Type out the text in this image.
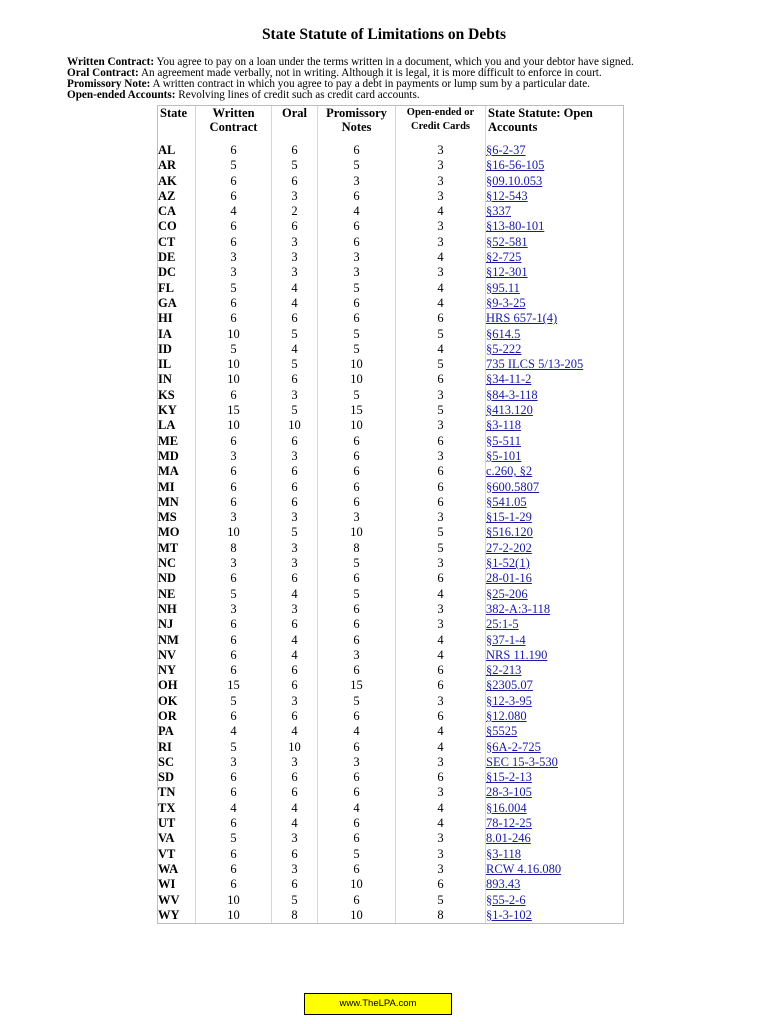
State Statute of Limitations on Debts
Written Contract: You agree to pay on a loan under the terms written in a document, which you and your debtor have signed.
Oral Contract: An agreement made verbally, not in writing. Although it is legal, it is more difficult to enforce in court.
Promissory Note: A written contract in which you agree to pay a debt in payments or lump sum by a particular date.
Open-ended Accounts: Revolving lines of credit such as credit card accounts.
State	Written Contract	Oral	Promissory Notes	Open-ended or Credit Cards	State Statute: Open Accounts
AL	6	6	6	3	§6-2-37
AR	5	5	5	3	§16-56-105
AK	6	6	3	3	§09.10.053
AZ	6	3	6	3	§12-543
CA	4	2	4	4	§337
CO	6	6	6	3	§13-80-101
CT	6	3	6	3	§52-581
DE	3	3	3	4	§2-725
DC	3	3	3	3	§12-301
FL	5	4	5	4	§95.11
GA	6	4	6	4	§9-3-25
HI	6	6	6	6	HRS 657-1(4)
IA	10	5	5	5	§614.5
ID	5	4	5	4	§5-222
IL	10	5	10	5	735 ILCS 5/13-205
IN	10	6	10	6	§34-11-2
KS	6	3	5	3	§84-3-118
KY	15	5	15	5	§413.120
LA	10	10	10	3	§3-118
ME	6	6	6	6	§5-511
MD	3	3	6	3	§5-101
MA	6	6	6	6	c.260, §2
MI	6	6	6	6	§600.5807
MN	6	6	6	6	§541.05
MS	3	3	3	3	§15-1-29
MO	10	5	10	5	§516.120
MT	8	3	8	5	27-2-202
NC	3	3	5	3	§1-52(1)
ND	6	6	6	6	28-01-16
NE	5	4	5	4	§25-206
NH	3	3	6	3	382-A:3-118
NJ	6	6	6	3	25:1-5
NM	6	4	6	4	§37-1-4
NV	6	4	3	4	NRS 11.190
NY	6	6	6	6	§2-213
OH	15	6	15	6	§2305.07
OK	5	3	5	3	§12-3-95
OR	6	6	6	6	§12.080
PA	4	4	4	4	§5525
RI	5	10	6	4	§6A-2-725
SC	3	3	3	3	SEC 15-3-530
SD	6	6	6	6	§15-2-13
TN	6	6	6	3	28-3-105
TX	4	4	4	4	§16.004
UT	6	4	6	4	78-12-25
VA	5	3	6	3	8.01-246
VT	6	6	5	3	§3-118
WA	6	3	6	3	RCW 4.16.080
WI	6	6	10	6	893.43
WV	10	5	6	5	§55-2-6
WY	10	8	10	8	§1-3-102
www.TheLPA.com
